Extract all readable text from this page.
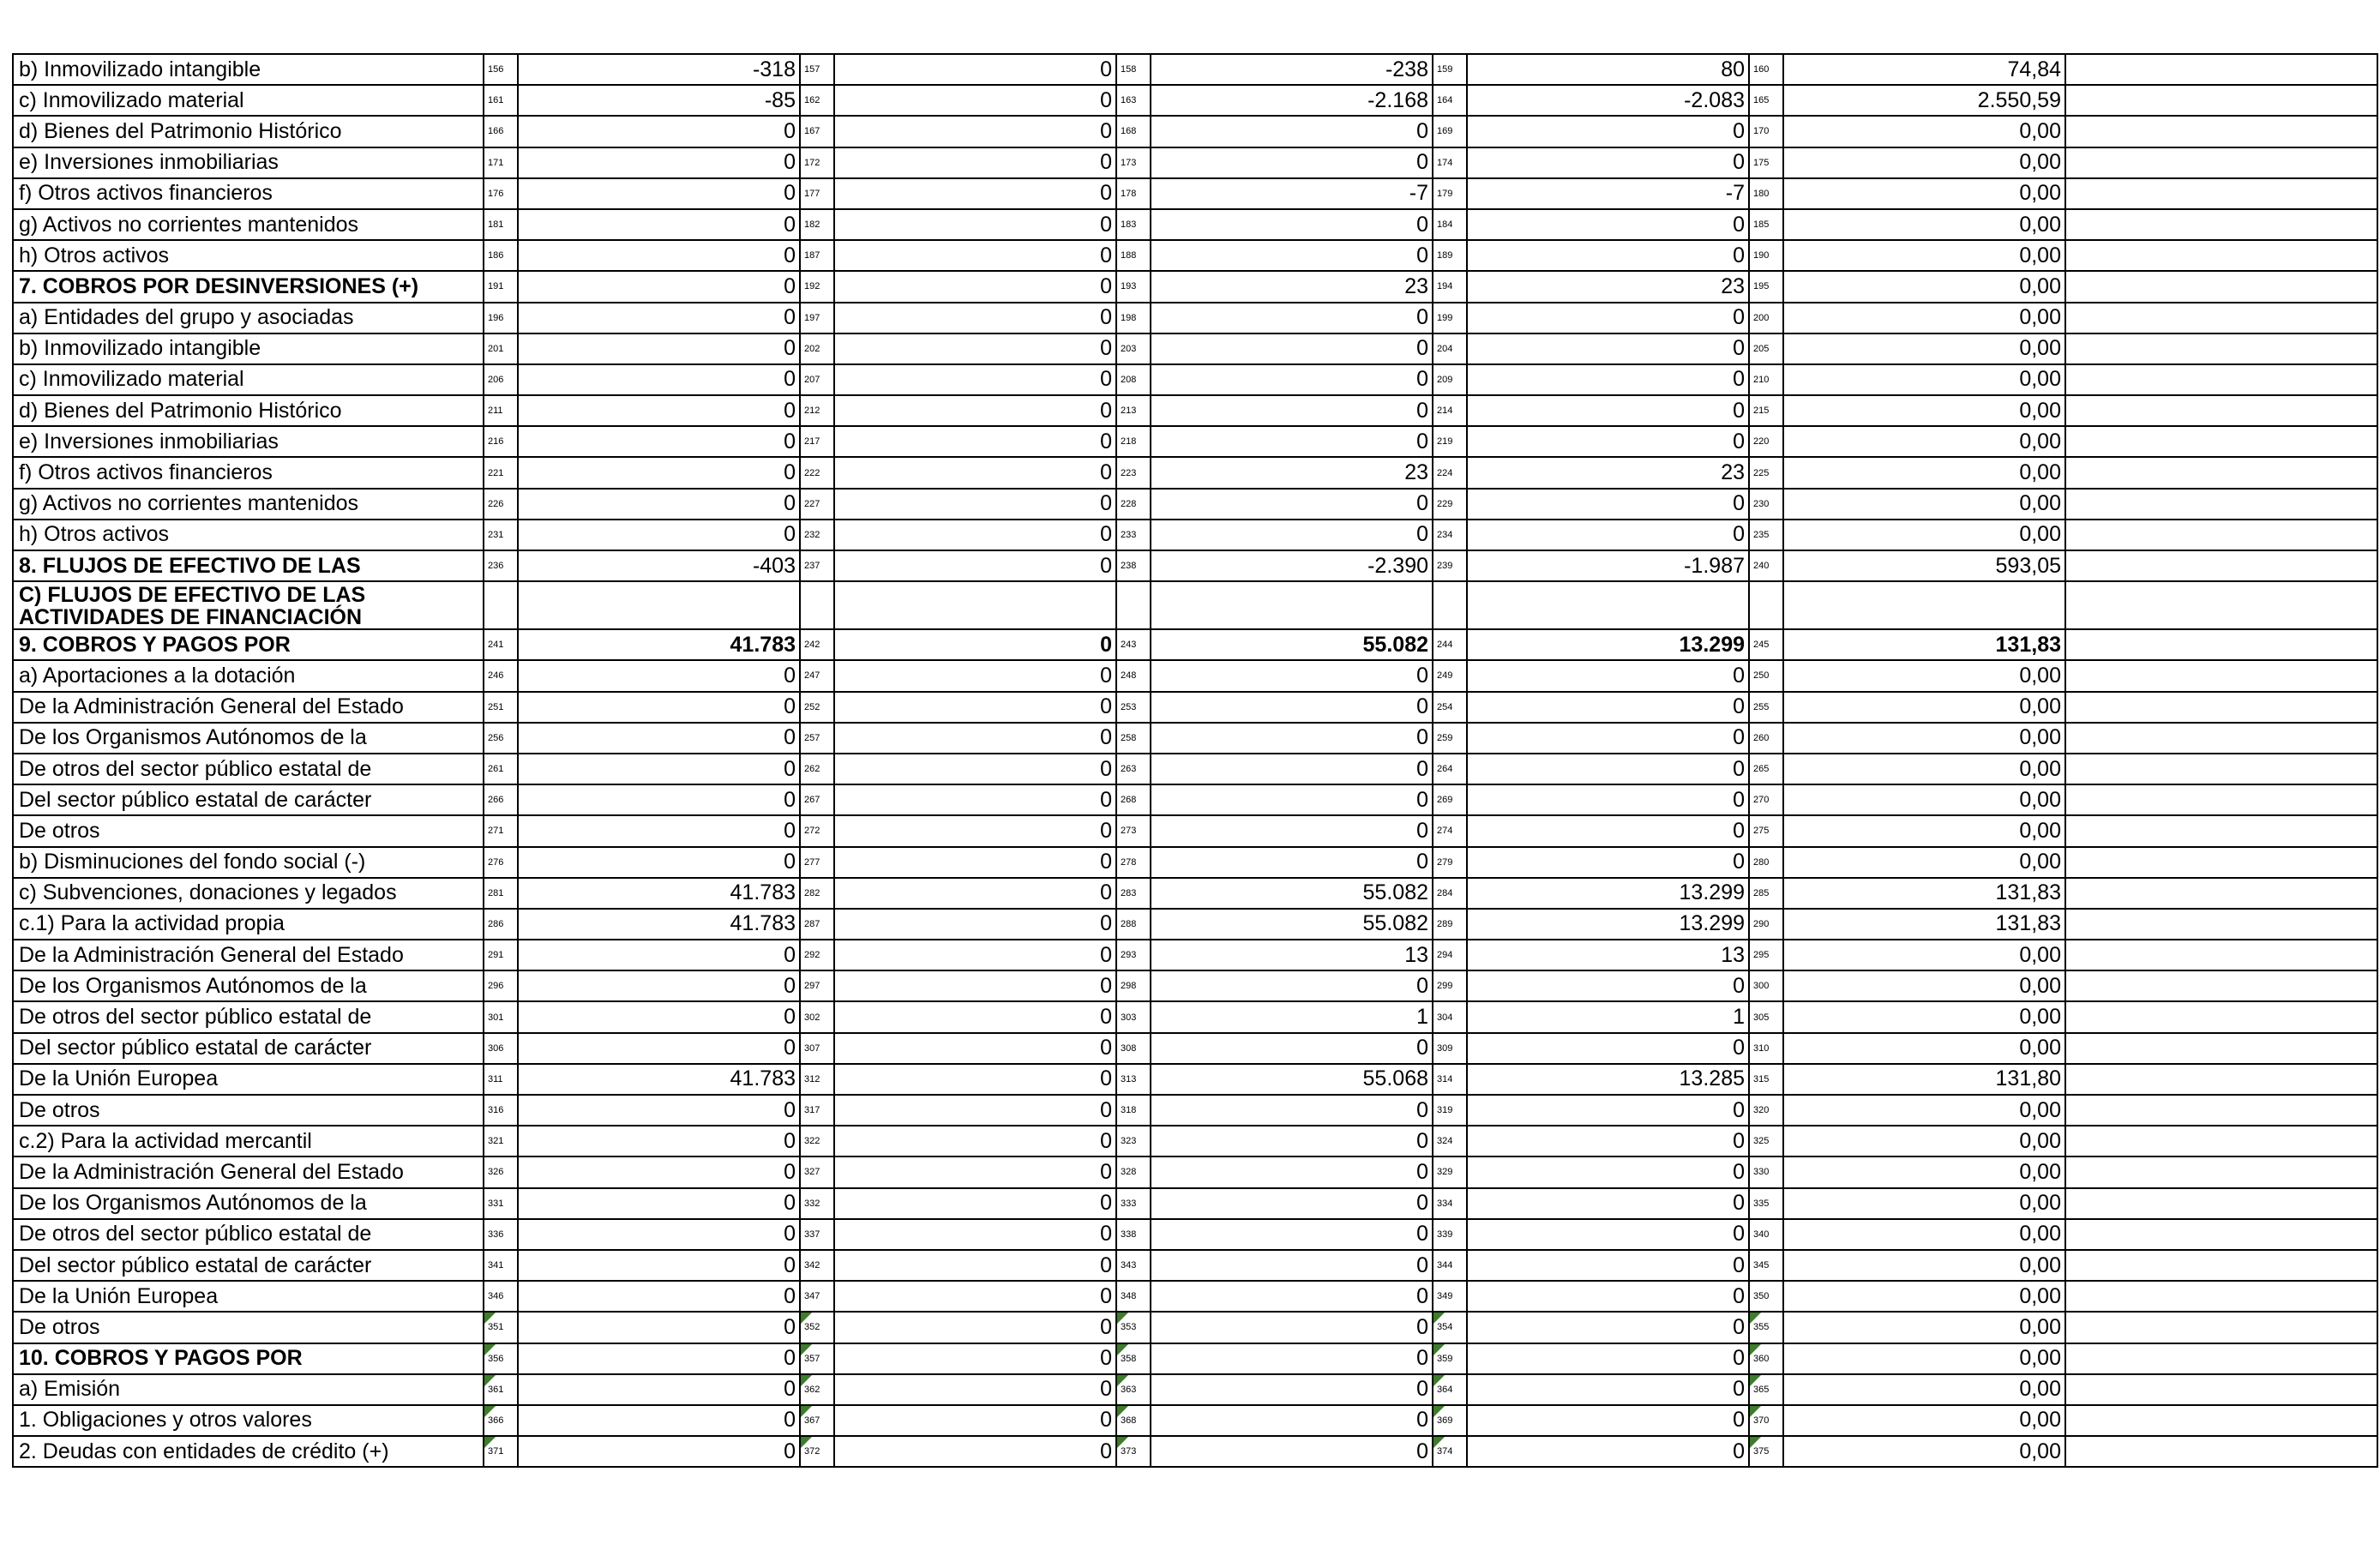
b) Inmovilizado intangible	156	-318	157	0	158	-238	159	80	160	74,84	
c) Inmovilizado material	161	-85	162	0	163	-2.168	164	-2.083	165	2.550,59	
d) Bienes del Patrimonio Histórico	166	0	167	0	168	0	169	0	170	0,00	
e) Inversiones inmobiliarias	171	0	172	0	173	0	174	0	175	0,00	
f) Otros activos financieros	176	0	177	0	178	-7	179	-7	180	0,00	
g) Activos no corrientes mantenidos	181	0	182	0	183	0	184	0	185	0,00	
h) Otros activos	186	0	187	0	188	0	189	0	190	0,00	
7. COBROS POR DESINVERSIONES (+)	191	0	192	0	193	23	194	23	195	0,00	
a) Entidades del grupo y asociadas	196	0	197	0	198	0	199	0	200	0,00	
b) Inmovilizado intangible	201	0	202	0	203	0	204	0	205	0,00	
c) Inmovilizado material	206	0	207	0	208	0	209	0	210	0,00	
d) Bienes del Patrimonio Histórico	211	0	212	0	213	0	214	0	215	0,00	
e) Inversiones inmobiliarias	216	0	217	0	218	0	219	0	220	0,00	
f) Otros activos financieros	221	0	222	0	223	23	224	23	225	0,00	
g) Activos no corrientes mantenidos	226	0	227	0	228	0	229	0	230	0,00	
h) Otros activos	231	0	232	0	233	0	234	0	235	0,00	
8. FLUJOS DE EFECTIVO DE LAS	236	-403	237	0	238	-2.390	239	-1.987	240	593,05	
C) FLUJOS DE EFECTIVO DE LAS ACTIVIDADES DE FINANCIACIÓN											
9. COBROS Y PAGOS POR	241	41.783	242	0	243	55.082	244	13.299	245	131,83	
a) Aportaciones a la dotación	246	0	247	0	248	0	249	0	250	0,00	
De la Administración General del Estado	251	0	252	0	253	0	254	0	255	0,00	
De los Organismos Autónomos de la	256	0	257	0	258	0	259	0	260	0,00	
De otros del sector público estatal de	261	0	262	0	263	0	264	0	265	0,00	
Del sector público estatal de carácter	266	0	267	0	268	0	269	0	270	0,00	
De otros	271	0	272	0	273	0	274	0	275	0,00	
b) Disminuciones del fondo social (-)	276	0	277	0	278	0	279	0	280	0,00	
c) Subvenciones, donaciones y legados	281	41.783	282	0	283	55.082	284	13.299	285	131,83	
c.1) Para la actividad propia	286	41.783	287	0	288	55.082	289	13.299	290	131,83	
De la Administración General del Estado	291	0	292	0	293	13	294	13	295	0,00	
De los Organismos Autónomos de la	296	0	297	0	298	0	299	0	300	0,00	
De otros del sector público estatal de	301	0	302	0	303	1	304	1	305	0,00	
Del sector público estatal de carácter	306	0	307	0	308	0	309	0	310	0,00	
De la Unión Europea	311	41.783	312	0	313	55.068	314	13.285	315	131,80	
De otros	316	0	317	0	318	0	319	0	320	0,00	
c.2) Para la actividad mercantil	321	0	322	0	323	0	324	0	325	0,00	
De la Administración General del Estado	326	0	327	0	328	0	329	0	330	0,00	
De los Organismos Autónomos de la	331	0	332	0	333	0	334	0	335	0,00	
De otros del sector público estatal de	336	0	337	0	338	0	339	0	340	0,00	
Del sector público estatal de carácter	341	0	342	0	343	0	344	0	345	0,00	
De la Unión Europea	346	0	347	0	348	0	349	0	350	0,00	
De otros	351	0	352	0	353	0	354	0	355	0,00	
10. COBROS Y PAGOS POR	356	0	357	0	358	0	359	0	360	0,00	
a) Emisión	361	0	362	0	363	0	364	0	365	0,00	
1. Obligaciones y otros valores	366	0	367	0	368	0	369	0	370	0,00	
2. Deudas con entidades de crédito (+)	371	0	372	0	373	0	374	0	375	0,00	
